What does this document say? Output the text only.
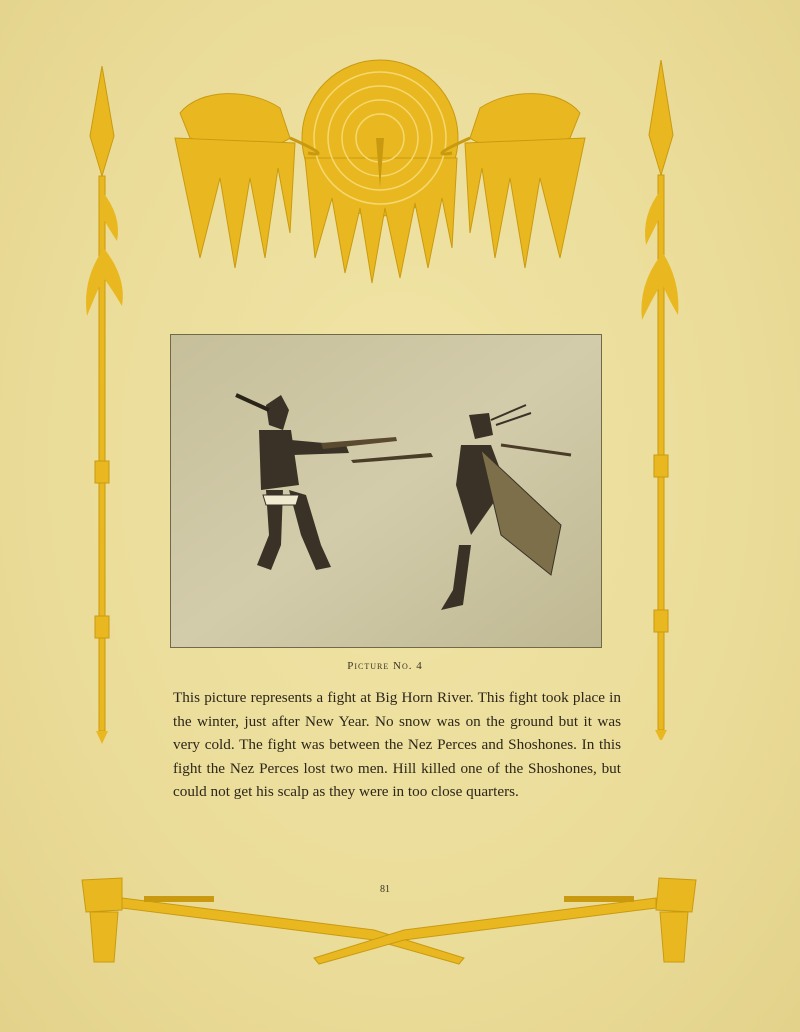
Picture No. 4

This picture represents a fight at Big Horn River. This fight took place in the winter, just after New Year. No snow was on the ground but it was very cold. The fight was between the Nez Perces and Shoshones. In this fight the Nez Perces lost two men. Hill killed one of the Shoshones, but could not get his scalp as they were in too close quarters.

81
